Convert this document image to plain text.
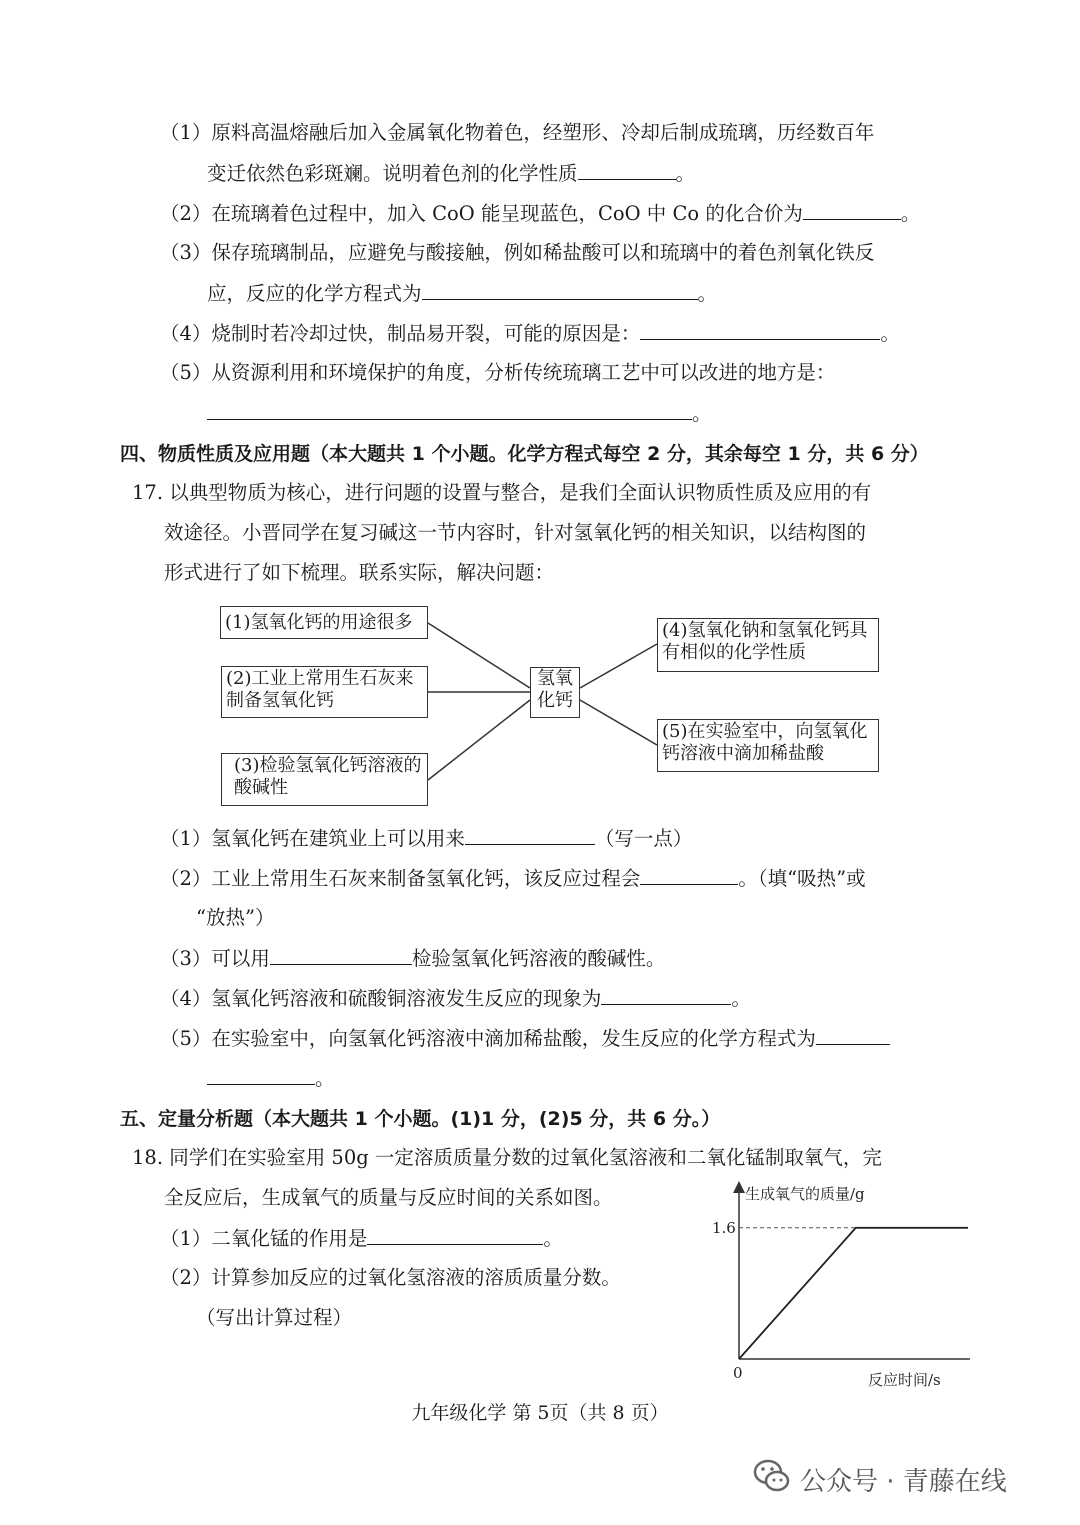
（1）原料高温熔融后加入金属氧化物着色，经塑形、冷却后制成琉璃，历经数百年
变迁依然色彩斑斓。说明着色剂的化学性质	。
（2）在琉璃着色过程中，加入 CoO 能呈现蓝色，CoO 中 Co 的化合价为	。
（3）保存琉璃制品，应避免与酸接触，例如稀盐酸可以和琉璃中的着色剂氧化铁反
应，反应的化学方程式为	。
（4）烧制时若冷却过快，制品易开裂，可能的原因是：	。
（5）从资源利用和环境保护的角度，分析传统琉璃工艺中可以改进的地方是：
。
四、物质性质及应用题（本大题共 1 个小题。化学方程式每空 2 分，其余每空 1 分，共 6 分）
17. 以典型物质为核心，进行问题的设置与整合，是我们全面认识物质性质及应用的有
效途径。小晋同学在复习碱这一节内容时，针对氢氧化钙的相关知识，以结构图的
形式进行了如下梳理。联系实际，解决问题：
(1)氢氧化钙的用途很多
(2)工业上常用生石灰来制备氢氧化钙
(3)检验氢氧化钙溶液的酸碱性
氢氧化钙
(4)氢氧化钠和氢氧化钙具有相似的化学性质
(5)在实验室中，向氢氧化钙溶液中滴加稀盐酸
（1）氢氧化钙在建筑业上可以用来	（写一点）
（2）工业上常用生石灰来制备氢氧化钙，该反应过程会	。（填“吸热”或
“放热”）
（3）可以用	检验氢氧化钙溶液的酸碱性。
（4）氢氧化钙溶液和硫酸铜溶液发生反应的现象为	。
（5）在实验室中，向氢氧化钙溶液中滴加稀盐酸，发生反应的化学方程式为
。
五、定量分析题（本大题共 1 个小题。(1)1 分，(2)5 分，共 6 分。）
18. 同学们在实验室用 50g 一定溶质质量分数的过氧化氢溶液和二氧化锰制取氧气，完
全反应后，生成氧气的质量与反应时间的关系如图。
（1）二氧化锰的作用是	。
（2）计算参加反应的过氧化氢溶液的溶质质量分数。
（写出计算过程）
生成氧气的质量/g
反应时间/s
0
1.6
九年级化学 第 5页（共 8 页）
公众号 · 青藤在线
